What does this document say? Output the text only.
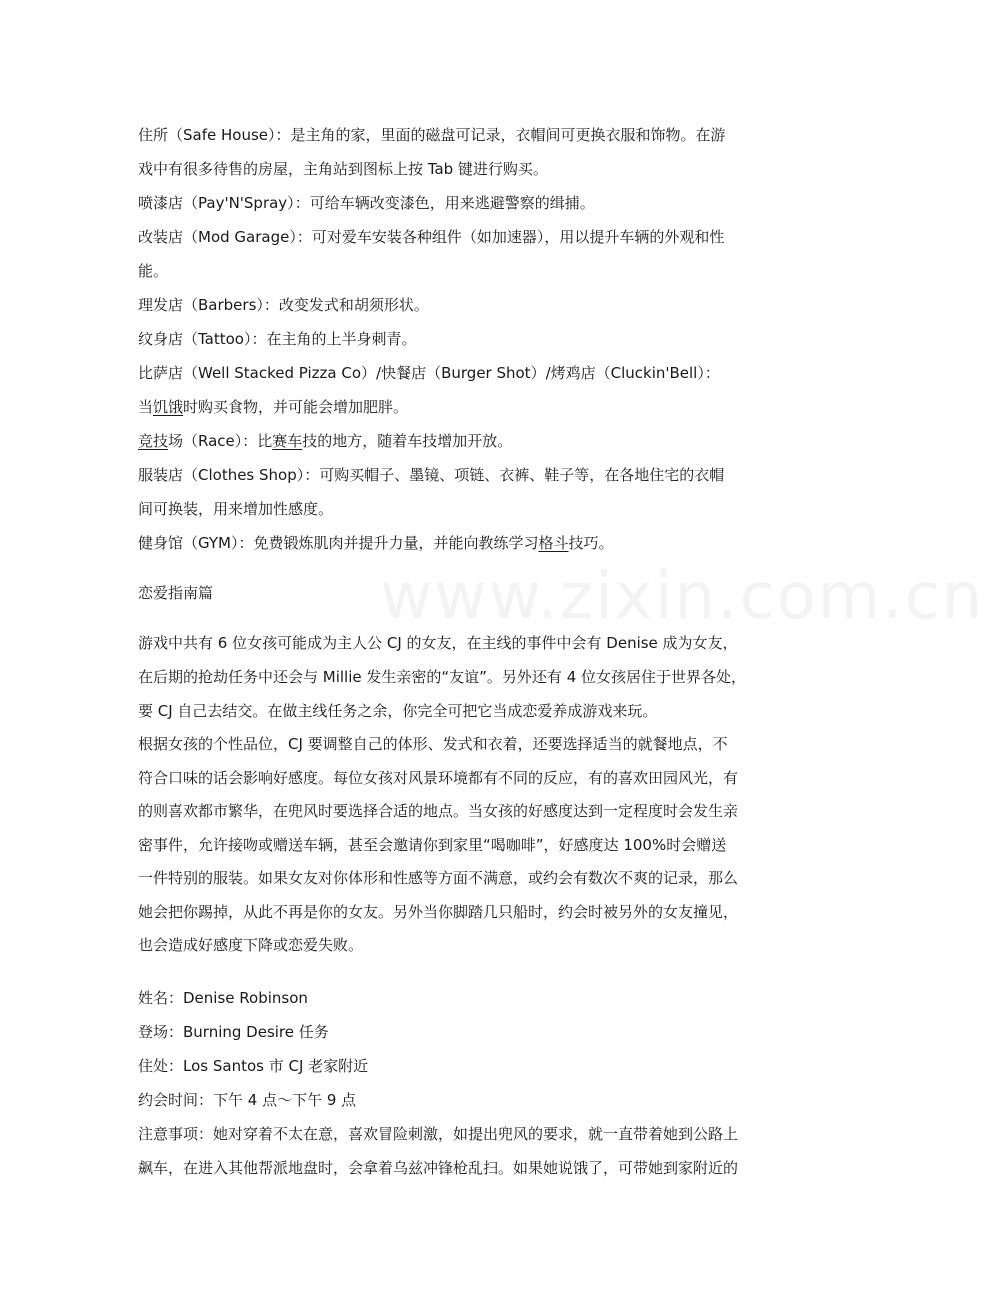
www.zixin.com.cn

住所（Safe House）：是主角的家，里面的磁盘可记录，衣帽间可更换衣服和饰物。在游

戏中有很多待售的房屋，主角站到图标上按 Tab 键进行购买。

喷漆店（Pay'N'Spray）：可给车辆改变漆色，用来逃避警察的缉捕。

改装店（Mod Garage）：可对爱车安装各种组件（如加速器），用以提升车辆的外观和性

能。

理发店（Barbers）：改变发式和胡须形状。

纹身店（Tattoo）：在主角的上半身刺青。

比萨店（Well Stacked Pizza Co）/快餐店（Burger Shot）/烤鸡店（Cluckin'Bell）：

当饥饿时购买食物，并可能会增加肥胖。

竞技场（Race）：比赛车技的地方，随着车技增加开放。

服装店（Clothes Shop）：可购买帽子、墨镜、项链、衣裤、鞋子等，在各地住宅的衣帽

间可换装，用来增加性感度。

健身馆（GYM）：免费锻炼肌肉并提升力量，并能向教练学习格斗技巧。

恋爱指南篇

游戏中共有 6 位女孩可能成为主人公 CJ 的女友，在主线的事件中会有 Denise 成为女友，

在后期的抢劫任务中还会与 Millie 发生亲密的“友谊”。另外还有 4 位女孩居住于世界各处，

要 CJ 自己去结交。在做主线任务之余，你完全可把它当成恋爱养成游戏来玩。

根据女孩的个性品位，CJ 要调整自己的体形、发式和衣着，还要选择适当的就餐地点，不

符合口味的话会影响好感度。每位女孩对风景环境都有不同的反应，有的喜欢田园风光，有

的则喜欢都市繁华，在兜风时要选择合适的地点。当女孩的好感度达到一定程度时会发生亲

密事件，允许接吻或赠送车辆，甚至会邀请你到家里“喝咖啡”，好感度达 100%时会赠送

一件特别的服装。如果女友对你体形和性感等方面不满意，或约会有数次不爽的记录，那么

她会把你踢掉，从此不再是你的女友。另外当你脚踏几只船时，约会时被另外的女友撞见，

也会造成好感度下降或恋爱失败。

姓名：Denise Robinson

登场：Burning Desire 任务

住处：Los Santos 市 CJ 老家附近

约会时间：下午 4 点～下午 9 点

注意事项：她对穿着不太在意，喜欢冒险刺激，如提出兜风的要求，就一直带着她到公路上

飙车，在进入其他帮派地盘时，会拿着乌兹冲锋枪乱扫。如果她说饿了，可带她到家附近的
